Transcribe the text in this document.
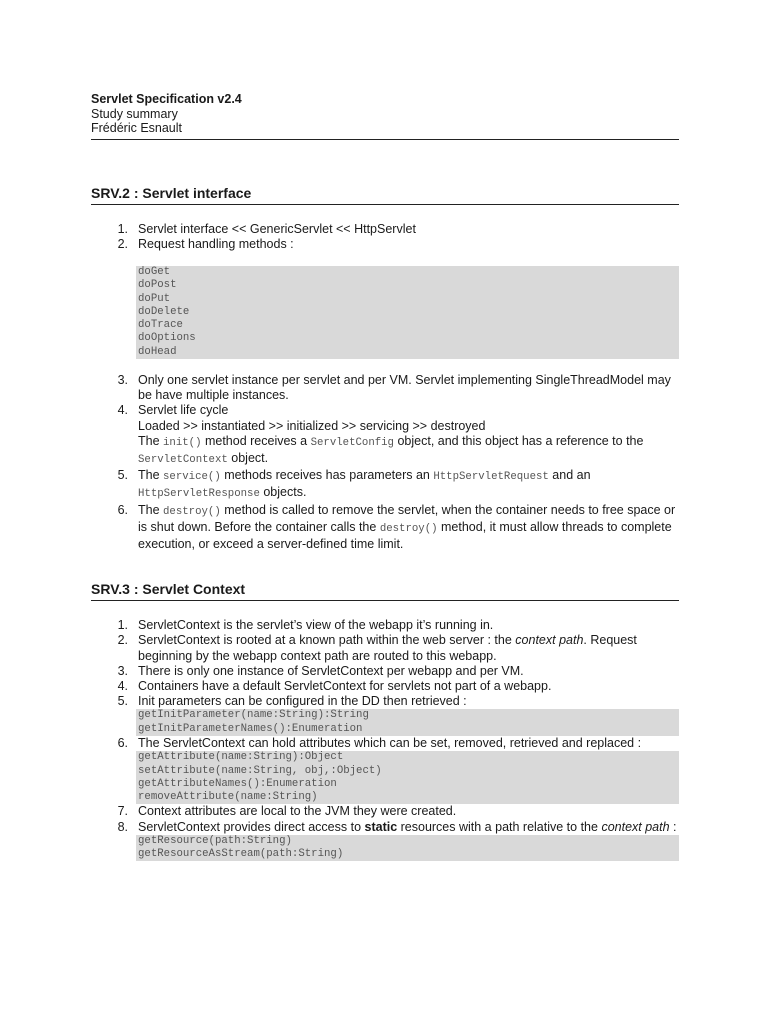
Servlet Specification v2.4
Study summary
Frédéric Esnault
SRV.2 : Servlet interface
1. Servlet interface << GenericServlet << HttpServlet
2. Request handling methods :
doGet
doPost
doPut
doDelete
doTrace
doOptions
doHead
3. Only one servlet instance per servlet and per VM. Servlet implementing SingleThreadModel may be have multiple instances.
4. Servlet life cycle
Loaded >> instantiated >> initialized >> servicing >> destroyed
The init() method receives a ServletConfig object, and this object has a reference to the ServletContext object.
5. The service() methods receives has parameters an HttpServletRequest and an HttpServletResponse objects.
6. The destroy() method is called to remove the servlet, when the container needs to free space or is shut down. Before the container calls the destroy() method, it must allow threads to complete execution, or exceed a server-defined time limit.
SRV.3 : Servlet Context
1. ServletContext is the servlet’s view of the webapp it’s running in.
2. ServletContext is rooted at a known path within the web server : the context path. Request beginning by the webapp context path are routed to this webapp.
3. There is only one instance of ServletContext per webapp and per VM.
4. Containers have a default ServletContext for servlets not part of a webapp.
5. Init parameters can be configured in the DD then retrieved :
getInitParameter(name:String):String
getInitParameterNames():Enumeration
6. The ServletContext can hold attributes which can be set, removed, retrieved and replaced :
getAttribute(name:String):Object
setAttribute(name:String, obj,:Object)
getAttributeNames():Enumeration
removeAttribute(name:String)
7. Context attributes are local to the JVM they were created.
8. ServletContext provides direct access to static resources with a path relative to the context path :
getResource(path:String)
getResourceAsStream(path:String)
